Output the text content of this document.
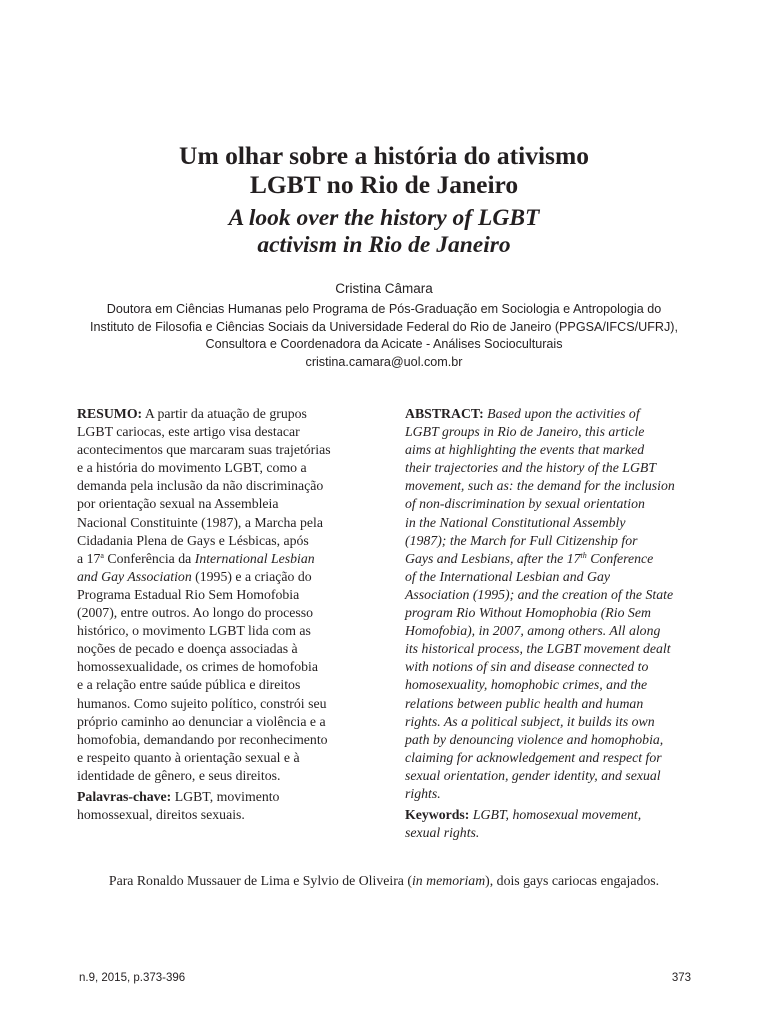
Um olhar sobre a história do ativismo
LGBT no Rio de Janeiro
A look over the history of LGBT
activism in Rio de Janeiro
Cristina Câmara
Doutora em Ciências Humanas pelo Programa de Pós-Graduação em Sociologia e Antropologia do
Instituto de Filosofia e Ciências Sociais da Universidade Federal do Rio de Janeiro (PPGSA/IFCS/UFRJ),
Consultora e Coordenadora da Acicate - Análises Socioculturais
cristina.camara@uol.com.br
RESUMO: A partir da atuação de grupos
LGBT cariocas, este artigo visa destacar
acontecimentos que marcaram suas trajetórias
e a história do movimento LGBT, como a
demanda pela inclusão da não discriminação
por orientação sexual na Assembleia
Nacional Constituinte (1987), a Marcha pela
Cidadania Plena de Gays e Lésbicas, após
a 17$^a$ Conferência da International Lesbian
and Gay Association (1995) e a criação do
Programa Estadual Rio Sem Homofobia
(2007), entre outros. Ao longo do processo
histórico, o movimento LGBT lida com as
noções de pecado e doença associadas à
homossexualidade, os crimes de homofobia
e a relação entre saúde pública e direitos
humanos. Como sujeito político, constrói seu
próprio caminho ao denunciar a violência e a
homofobia, demandando por reconhecimento
e respeito quanto à orientação sexual e à
identidade de gênero, e seus direitos.
Palavras-chave: LGBT, movimento
homossexual, direitos sexuais.
ABSTRACT: Based upon the activities of
LGBT groups in Rio de Janeiro, this article
aims at highlighting the events that marked
their trajectories and the history of the LGBT
movement, such as: the demand for the inclusion
of non-discrimination by sexual orientation
in the National Constitutional Assembly
(1987); the March for Full Citizenship for
Gays and Lesbians, after the 17th Conference
of the International Lesbian and Gay
Association (1995); and the creation of the State
program Rio Without Homophobia (Rio Sem
Homofobia), in 2007, among others. All along
its historical process, the LGBT movement dealt
with notions of sin and disease connected to
homosexuality, homophobic crimes, and the
relations between public health and human
rights. As a political subject, it builds its own
path by denouncing violence and homophobia,
claiming for acknowledgement and respect for
sexual orientation, gender identity, and sexual
rights.
Keywords: LGBT, homosexual movement,
sexual rights.
Para Ronaldo Mussauer de Lima e Sylvio de Oliveira (in memoriam), dois gays cariocas engajados.
n.9, 2015, p.373-396	373
